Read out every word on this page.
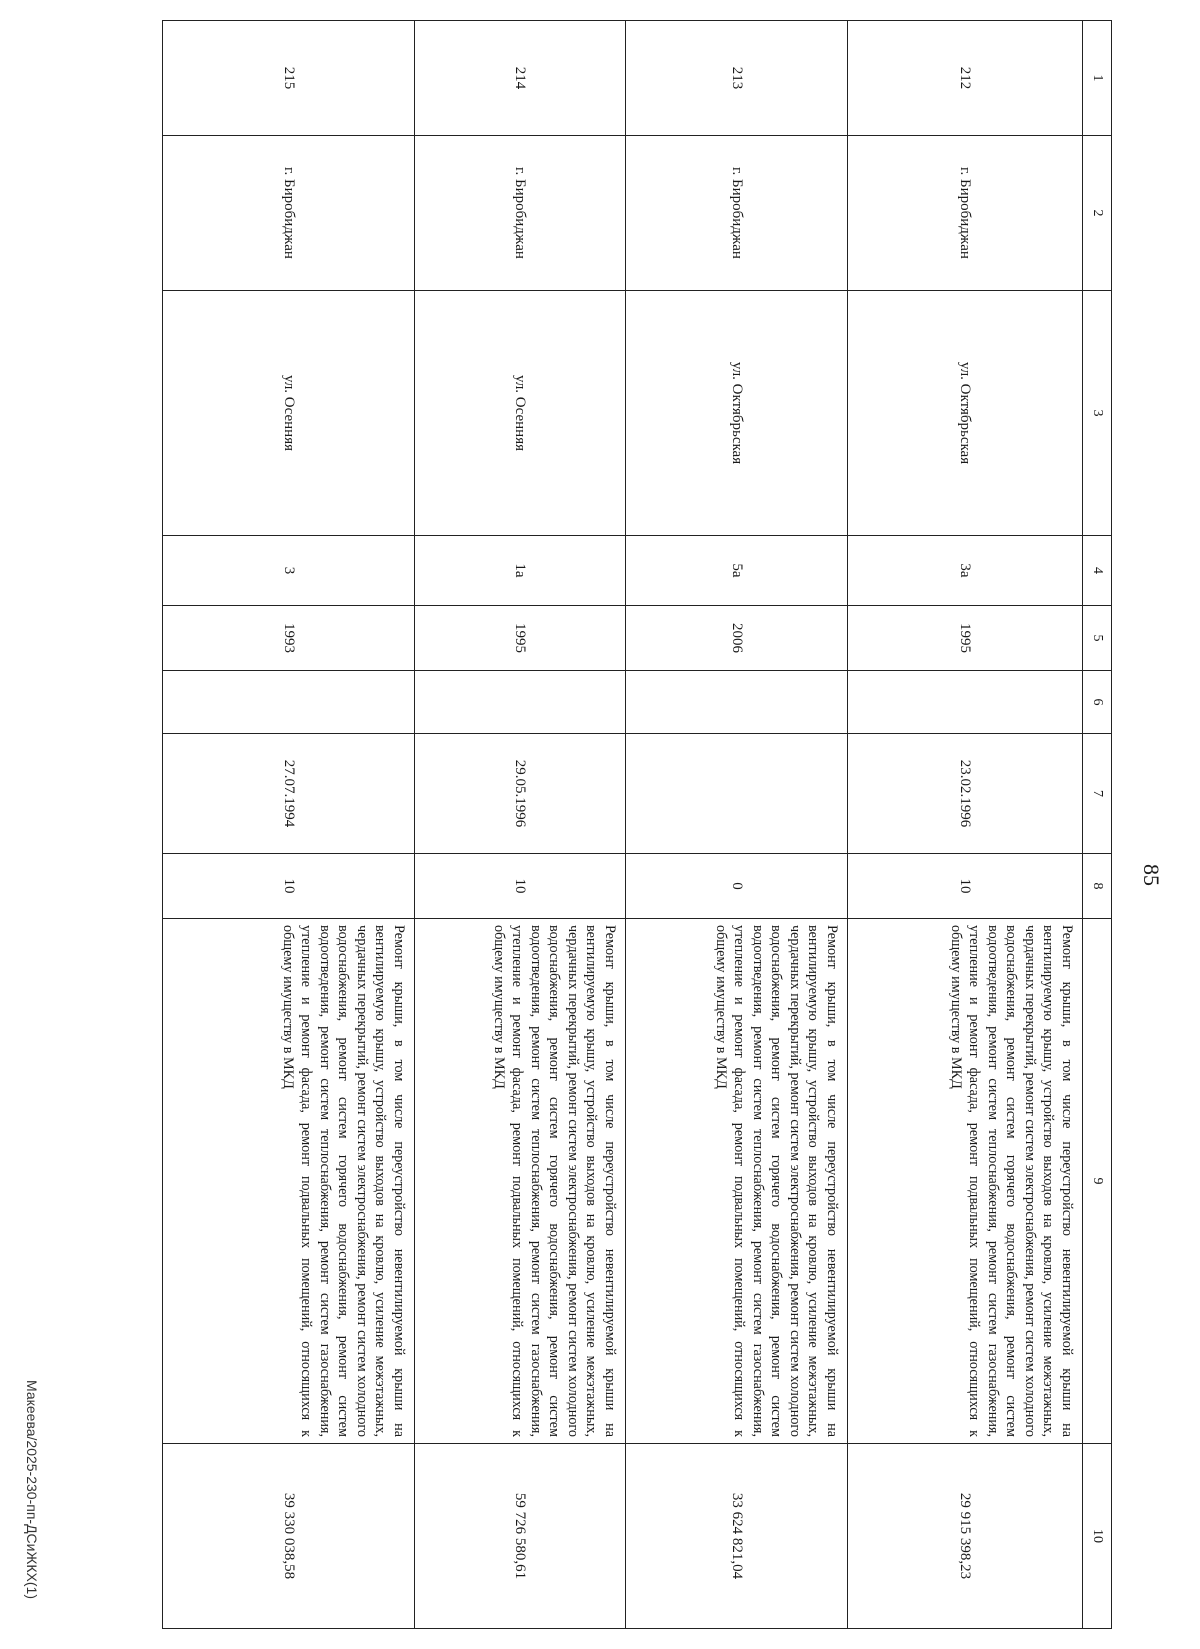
85
1	2	3	4	5	6	7	8	9	10
212	г. Биробиджан	ул. Октябрьская	3а	1995		23.02.1996	10	Ремонт крыши, в том числе переустройство невентилируемой крыши на вентилируемую крышу, устройство выходов на кровлю, усиление межэтажных, чердачных перекрытий, ремонт систем электроснабжения, ремонт систем холодного водоснабжения, ремонт систем горячего водоснабжения, ремонт систем водоотведения, ремонт систем теплоснабжения, ремонт систем газоснабжения, утепление и ремонт фасада, ремонт подвальных помещений, относящихся к общему имуществу в МКД	29 915 398,23
213	г. Биробиджан	ул. Октябрьская	5а	2006			0	Ремонт крыши, в том числе переустройство невентилируемой крыши на вентилируемую крышу, устройство выходов на кровлю, усиление межэтажных, чердачных перекрытий, ремонт систем электроснабжения, ремонт систем холодного водоснабжения, ремонт систем горячего водоснабжения, ремонт систем водоотведения, ремонт систем теплоснабжения, ремонт систем газоснабжения, утепление и ремонт фасада, ремонт подвальных помещений, относящихся к общему имуществу в МКД	33 624 821,04
214	г. Биробиджан	ул. Осенняя	1а	1995		29.05.1996	10	Ремонт крыши, в том числе переустройство невентилируемой крыши на вентилируемую крышу, устройство выходов на кровлю, усиление межэтажных, чердачных перекрытий, ремонт систем электроснабжения, ремонт систем холодного водоснабжения, ремонт систем горячего водоснабжения, ремонт систем водоотведения, ремонт систем теплоснабжения, ремонт систем газоснабжения, утепление и ремонт фасада, ремонт подвальных помещений, относящихся к общему имуществу в МКД	59 726 580,61
215	г. Биробиджан	ул. Осенняя	3	1993		27.07.1994	10	Ремонт крыши, в том числе переустройство невентилируемой крыши на вентилируемую крышу, устройство выходов на кровлю, усиление межэтажных, чердачных перекрытий, ремонт систем электроснабжения, ремонт систем холодного водоснабжения, ремонт систем горячего водоснабжения, ремонт систем водоотведения, ремонт систем теплоснабжения, ремонт систем газоснабжения, утепление и ремонт фасада, ремонт подвальных помещений, относящихся к общему имуществу в МКД	39 330 038,58
Макеева/2025-230-пп-ДСиЖКХ(1)
